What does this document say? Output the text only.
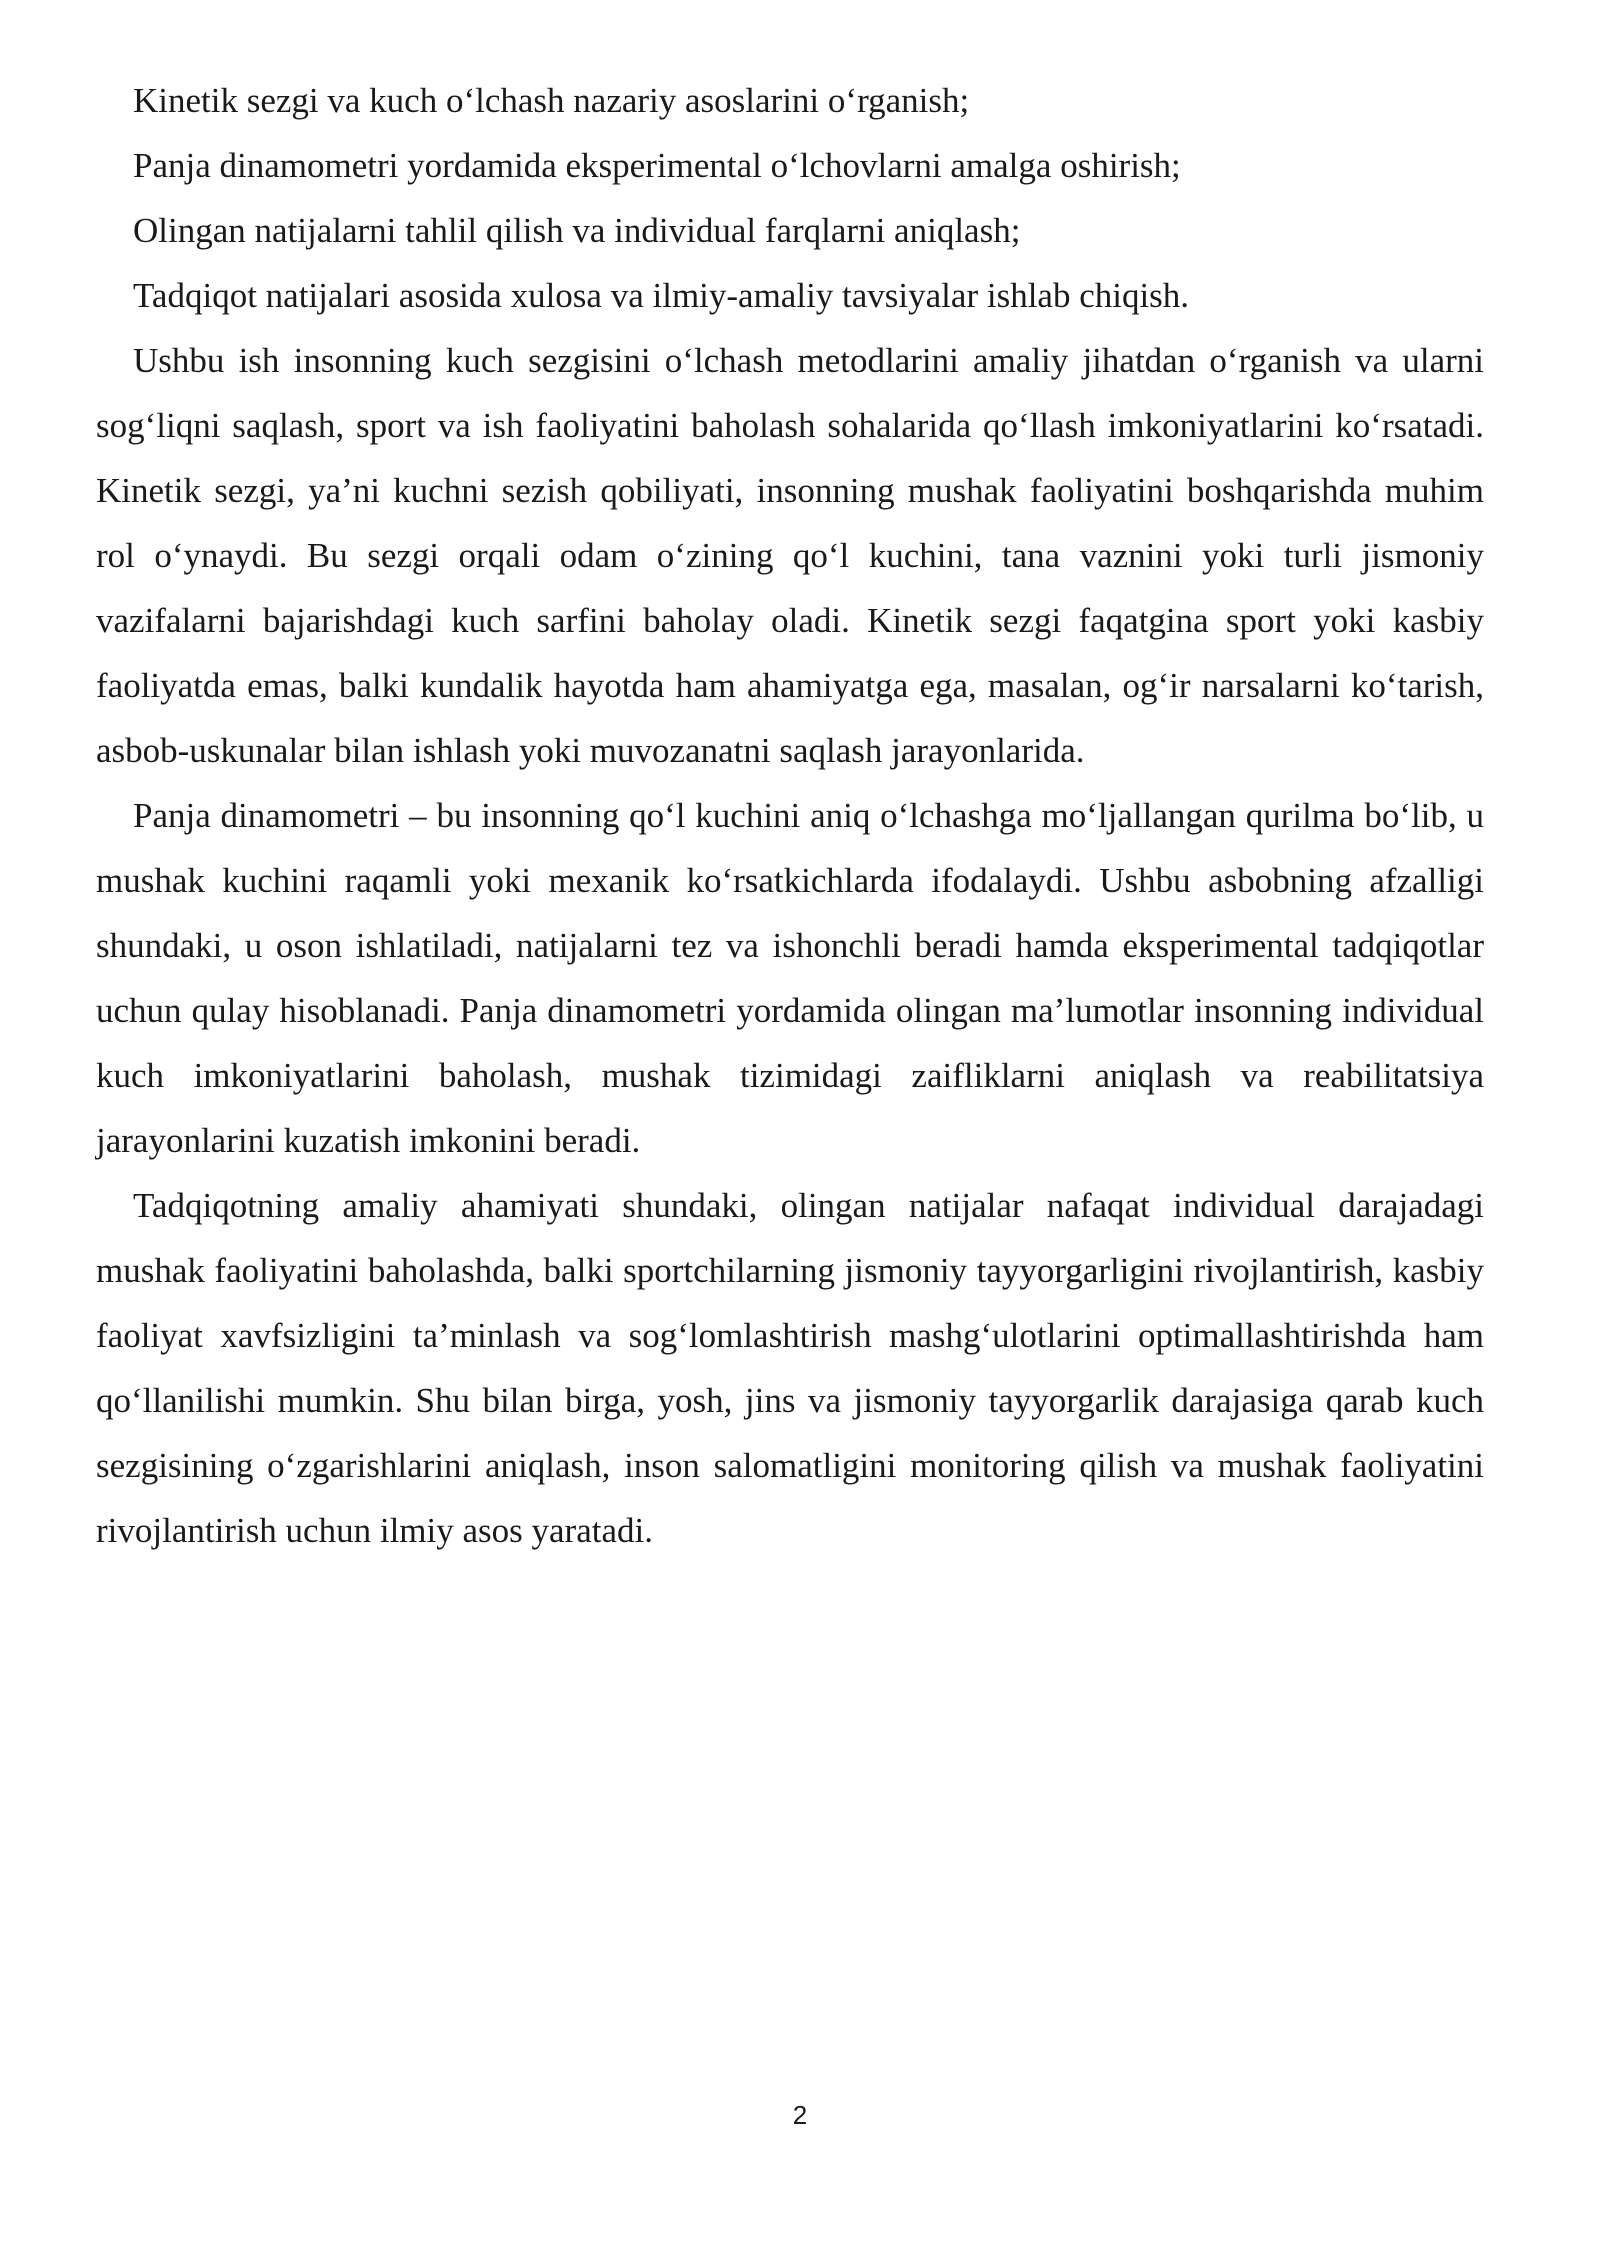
Kinetik sezgi va kuch o‘lchash nazariy asoslarini o‘rganish;

Panja dinamometri yordamida eksperimental o‘lchovlarni amalga oshirish;

Olingan natijalarni tahlil qilish va individual farqlarni aniqlash;

Tadqiqot natijalari asosida xulosa va ilmiy-amaliy tavsiyalar ishlab chiqish.

Ushbu ish insonning kuch sezgisini o‘lchash metodlarini amaliy jihatdan o‘rganish va ularni sog‘liqni saqlash, sport va ish faoliyatini baholash sohalarida qo‘llash imkoniyatlarini ko‘rsatadi. Kinetik sezgi, ya’ni kuchni sezish qobiliyati, insonning mushak faoliyatini boshqarishda muhim rol o‘ynaydi. Bu sezgi orqali odam o‘zining qo‘l kuchini, tana vaznini yoki turli jismoniy vazifalarni bajarishdagi kuch sarfini baholay oladi. Kinetik sezgi faqatgina sport yoki kasbiy faoliyatda emas, balki kundalik hayotda ham ahamiyatga ega, masalan, og‘ir narsalarni ko‘tarish, asbob-uskunalar bilan ishlash yoki muvozanatni saqlash jarayonlarida.

Panja dinamometri – bu insonning qo‘l kuchini aniq o‘lchashga mo‘ljallangan qurilma bo‘lib, u mushak kuchini raqamli yoki mexanik ko‘rsatkichlarda ifodalaydi. Ushbu asbobning afzalligi shundaki, u oson ishlatiladi, natijalarni tez va ishonchli beradi hamda eksperimental tadqiqotlar uchun qulay hisoblanadi. Panja dinamometri yordamida olingan ma’lumotlar insonning individual kuch imkoniyatlarini baholash, mushak tizimidagi zaifliklarni aniqlash va reabilitatsiya jarayonlarini kuzatish imkonini beradi.

Tadqiqotning amaliy ahamiyati shundaki, olingan natijalar nafaqat individual darajadagi mushak faoliyatini baholashda, balki sportchilarning jismoniy tayyorgarligini rivojlantirish, kasbiy faoliyat xavfsizligini ta’minlash va sog‘lomlashtirish mashg‘ulotlarini optimallashtirishda ham qo‘llanilishi mumkin. Shu bilan birga, yosh, jins va jismoniy tayyorgarlik darajasiga qarab kuch sezgisining o‘zgarishlarini aniqlash, inson salomatligini monitoring qilish va mushak faoliyatini rivojlantirish uchun ilmiy asos yaratadi.

2
